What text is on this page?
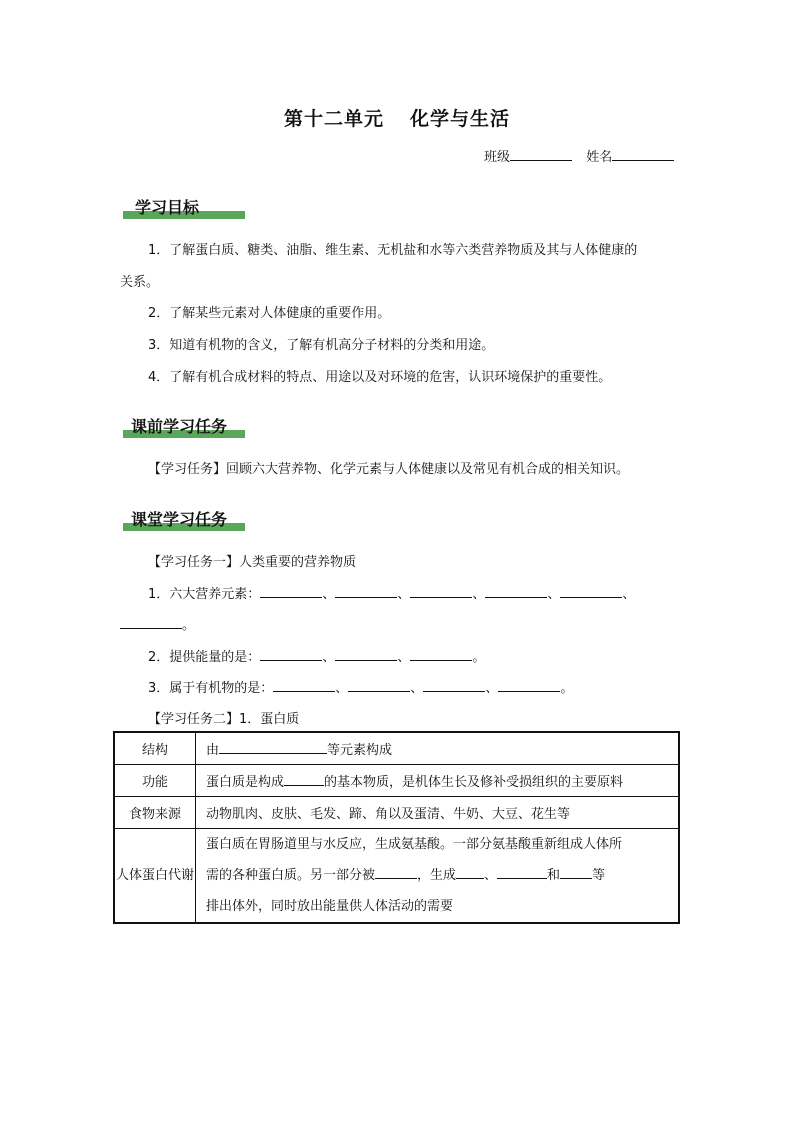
第十二单元 化学与生活
班级	姓名
学习目标
1．了解蛋白质、糖类、油脂、维生素、无机盐和水等六类营养物质及其与人体健康的
关系。
2．了解某些元素对人体健康的重要作用。
3．知道有机物的含义，了解有机高分子材料的分类和用途。
4．了解有机合成材料的特点、用途以及对环境的危害，认识环境保护的重要性。
课前学习任务
【学习任务】回顾六大营养物、化学元素与人体健康以及常见有机合成的相关知识。
课堂学习任务
【学习任务一】人类重要的营养物质
1．六大营养元素：	、	、	、	、	、
。
2．提供能量的是：	、	、	。
3．属于有机物的是：	、	、	、	。
【学习任务二】1．蛋白质
结构	由 等元素构成
功能	蛋白质是构成 的基本物质，是机体生长及修补受损组织的主要原料
食物来源	动物肌肉、皮肤、毛发、蹄、角以及蛋清、牛奶、大豆、花生等
人体蛋白代谢	蛋白质在胃肠道里与水反应，生成氨基酸。一部分氨基酸重新组成人体所
需的各种蛋白质。另一部分被 ，生成 、 和 等
排出体外，同时放出能量供人体活动的需要
